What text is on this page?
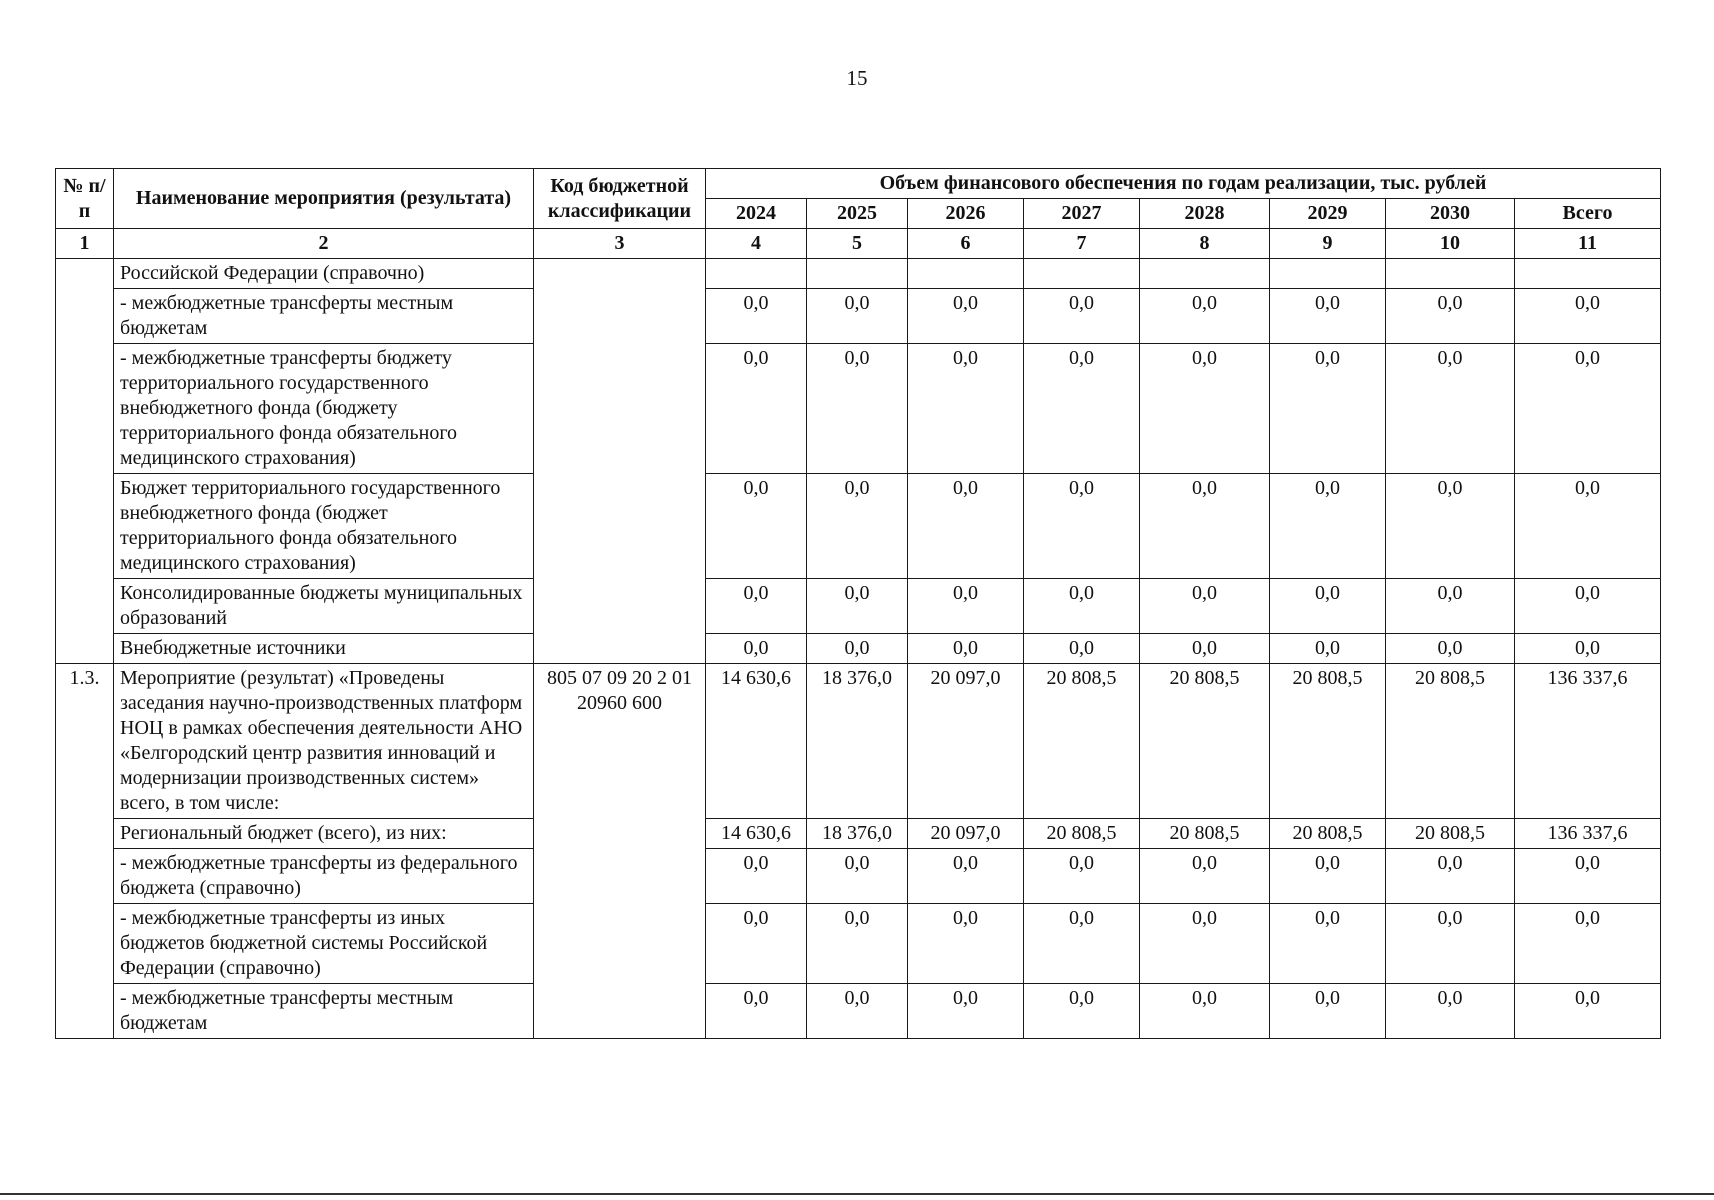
15
№ п/п	Наименование мероприятия (результата)	Код бюджетной классификации	Объем финансового обеспечения по годам реализации, тыс. рублей							
			2024	2025	2026	2027	2028	2029	2030	Всего
1	2	3	4	5	6	7	8	9	10	11
	Российской Федерации (справочно)									
	- межбюджетные трансферты местным бюджетам		0,0	0,0	0,0	0,0	0,0	0,0	0,0	0,0
	- межбюджетные трансферты бюджету территориального государственного внебюджетного фонда (бюджету территориального фонда обязательного медицинского страхования)		0,0	0,0	0,0	0,0	0,0	0,0	0,0	0,0
	Бюджет территориального государственного внебюджетного фонда (бюджет территориального фонда обязательного медицинского страхования)		0,0	0,0	0,0	0,0	0,0	0,0	0,0	0,0
	Консолидированные бюджеты муниципальных образований		0,0	0,0	0,0	0,0	0,0	0,0	0,0	0,0
	Внебюджетные источники		0,0	0,0	0,0	0,0	0,0	0,0	0,0	0,0
1.3.	Мероприятие (результат) «Проведены заседания научно-производственных платформ НОЦ в рамках обеспечения деятельности АНО «Белгородский центр развития инноваций и модернизации производственных систем» всего, в том числе:	805 07 09 20 2 01 20960 600	14 630,6	18 376,0	20 097,0	20 808,5	20 808,5	20 808,5	20 808,5	136 337,6
	Региональный бюджет (всего), из них:		14 630,6	18 376,0	20 097,0	20 808,5	20 808,5	20 808,5	20 808,5	136 337,6
	- межбюджетные трансферты из федерального бюджета (справочно)		0,0	0,0	0,0	0,0	0,0	0,0	0,0	0,0
	- межбюджетные трансферты из иных бюджетов бюджетной системы Российской Федерации (справочно)		0,0	0,0	0,0	0,0	0,0	0,0	0,0	0,0
	- межбюджетные трансферты местным бюджетам		0,0	0,0	0,0	0,0	0,0	0,0	0,0	0,0
